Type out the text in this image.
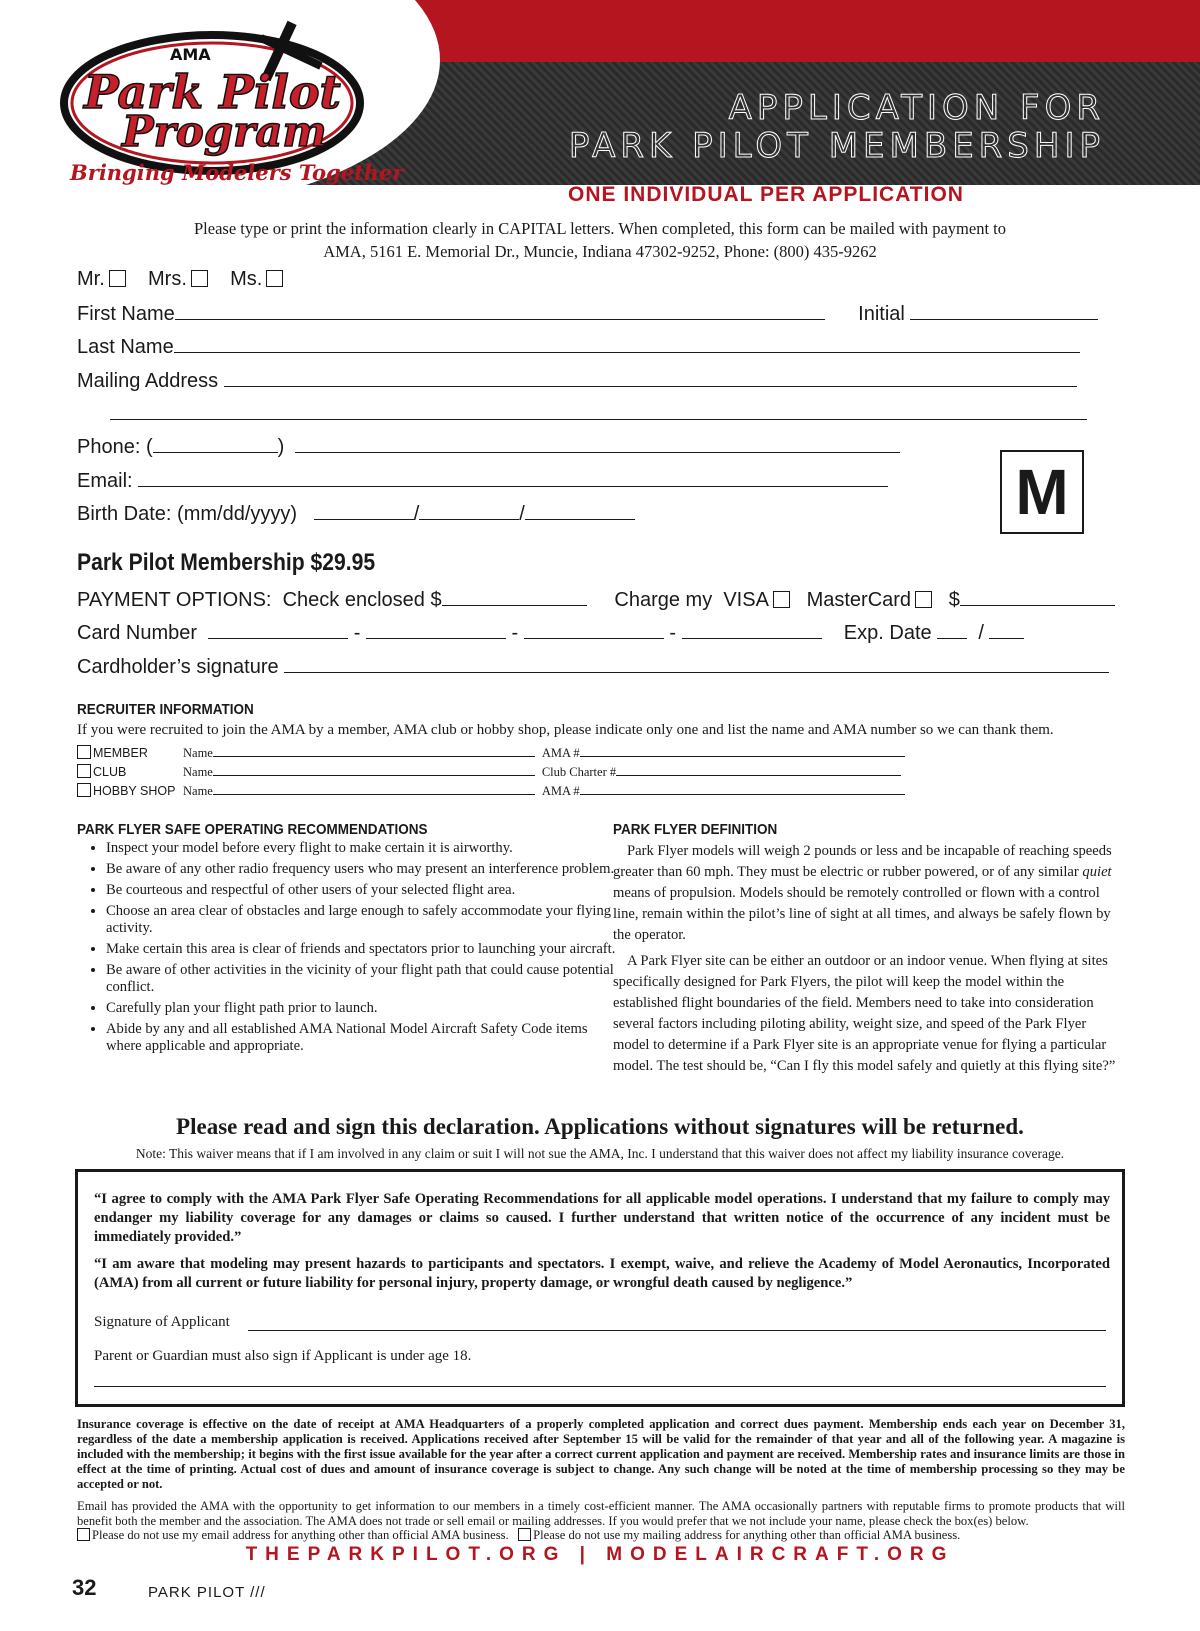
APPLICATION FOR
PARK PILOT MEMBERSHIP
AMA
Park Pilot
Program
Bringing Modelers Together
ONE INDIVIDUAL PER APPLICATION
Please type or print the information clearly in CAPITAL letters. When completed, this form can be mailed with payment to
AMA, 5161 E. Memorial Dr., Muncie, Indiana 47302-9252, Phone: (800) 435-9262
Mr. Mrs. Ms.
First Name	Initial
Last Name
Mailing Address
Phone: (	)
Email:
Birth Date: (mm/dd/yyyy)	/	/	M
Park Pilot Membership $29.95
PAYMENT OPTIONS: Check enclosed $	Charge my VISA MasterCard $
Card Number	-	-	-	Exp. Date /
Cardholder’s signature
RECRUITER INFORMATION
If you were recruited to join the AMA by a member, AMA club or hobby shop, please indicate only one and list the name and AMA number so we can thank them.
MEMBER	Name	AMA #
CLUB	Name	Club Charter #
HOBBY SHOP Name	AMA #
PARK FLYER SAFE OPERATING RECOMMENDATIONS
• Inspect your model before every flight to make certain it is airworthy.
• Be aware of any other radio frequency users who may present an interference problem.
• Be courteous and respectful of other users of your selected flight area.
• Choose an area clear of obstacles and large enough to safely accommodate your flying activity.
• Make certain this area is clear of friends and spectators prior to launching your aircraft.
• Be aware of other activities in the vicinity of your flight path that could cause potential conflict.
• Carefully plan your flight path prior to launch.
• Abide by any and all established AMA National Model Aircraft Safety Code items where applicable and appropriate.
PARK FLYER DEFINITION
Park Flyer models will weigh 2 pounds or less and be incapable of reaching speeds greater than 60 mph. They must be electric or rubber powered, or of any similar quiet means of propulsion. Models should be remotely controlled or flown with a control line, remain within the pilot’s line of sight at all times, and always be safely flown by the operator.
A Park Flyer site can be either an outdoor or an indoor venue. When flying at sites specifically designed for Park Flyers, the pilot will keep the model within the established flight boundaries of the field. Members need to take into consideration several factors including piloting ability, weight size, and speed of the Park Flyer model to determine if a Park Flyer site is an appropriate venue for flying a particular model. The test should be, “Can I fly this model safely and quietly at this flying site?”
Please read and sign this declaration. Applications without signatures will be returned.
Note: This waiver means that if I am involved in any claim or suit I will not sue the AMA, Inc. I understand that this waiver does not affect my liability insurance coverage.
“I agree to comply with the AMA Park Flyer Safe Operating Recommendations for all applicable model operations. I understand that my failure to comply may endanger my liability coverage for any damages or claims so caused. I further understand that written notice of the occurrence of any incident must be immediately provided.”
“I am aware that modeling may present hazards to participants and spectators. I exempt, waive, and relieve the Academy of Model Aeronautics, Incorporated (AMA) from all current or future liability for personal injury, property damage, or wrongful death caused by negligence.”
Signature of Applicant
Parent or Guardian must also sign if Applicant is under age 18.
Insurance coverage is effective on the date of receipt at AMA Headquarters of a properly completed application and correct dues payment. Membership ends each year on December 31, regardless of the date a membership application is received. Applications received after September 15 will be valid for the remainder of that year and all of the following year. A magazine is included with the membership; it begins with the first issue available for the year after a correct current application and payment are received. Membership rates and insurance limits are those in effect at the time of printing. Actual cost of dues and amount of insurance coverage is subject to change. Any such change will be noted at the time of membership processing so they may be accepted or not.
Email has provided the AMA with the opportunity to get information to our members in a timely cost-efficient manner. The AMA occasionally partners with reputable firms to promote products that will benefit both the member and the association. The AMA does not trade or sell email or mailing addresses. If you would prefer that we not include your name, please check the box(es) below.
Please do not use my email address for anything other than official AMA business. Please do not use my mailing address for anything other than official AMA business.
THEPARKPILOT.ORG | MODELAIRCRAFT.ORG
32	PARK PILOT ///
